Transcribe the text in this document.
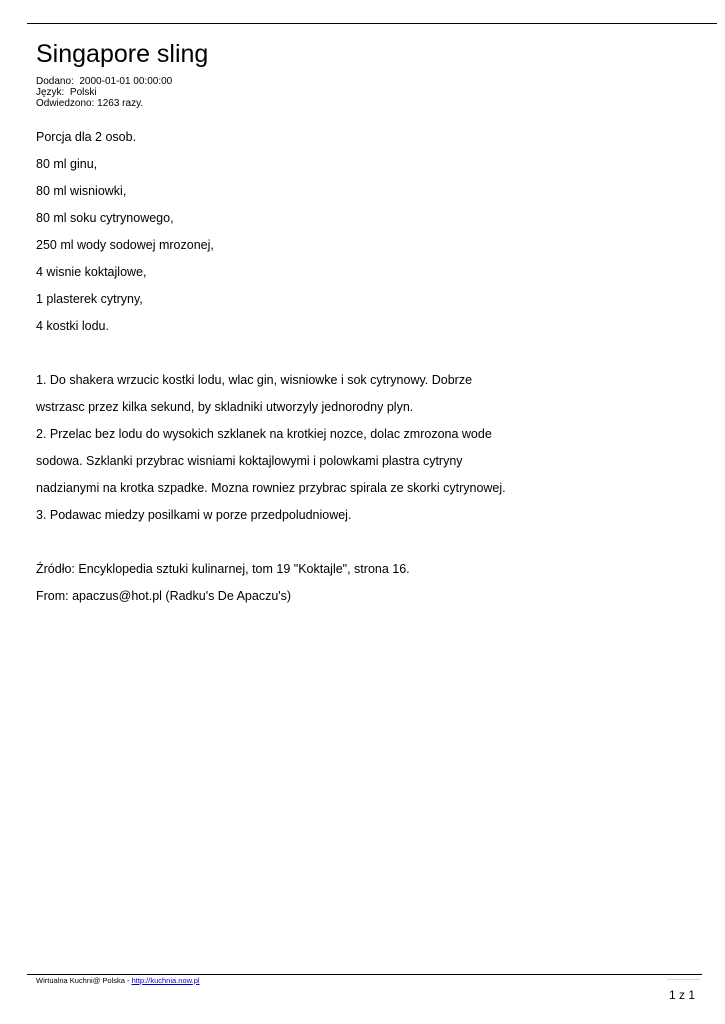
Singapore sling
Dodano:  2000-01-01 00:00:00
Język:  Polski
Odwiedzono: 1263 razy.
Porcja dla 2 osob.
80 ml ginu,
80 ml wisniowki,
80 ml soku cytrynowego,
250 ml wody sodowej mrozonej,
4 wisnie koktajlowe,
1 plasterek cytryny,
4 kostki lodu.
1. Do shakera wrzucic kostki lodu, wlac gin, wisniowke i sok cytrynowy. Dobrze
wstrzasc przez kilka sekund, by skladniki utworzyly jednorodny plyn.
2. Przelac bez lodu do wysokich szklanek na krotkiej nozce, dolac zmrozona wode
sodowa. Szklanki przybrac wisniami koktajlowymi i polowkami plastra cytryny
nadzianymi na krotka szpadke. Mozna rowniez przybrac spirala ze skorki cytrynowej.
3. Podawac miedzy posilkami w porze przedpoludniowej.
Źródło: Encyklopedia sztuki kulinarnej, tom 19 "Koktajle", strona 16.
From: apaczus@hot.pl (Radku's De Apaczu's)
Wirtualna Kuchni@ Polska - http://kuchnia.now.pl
1 z 1
